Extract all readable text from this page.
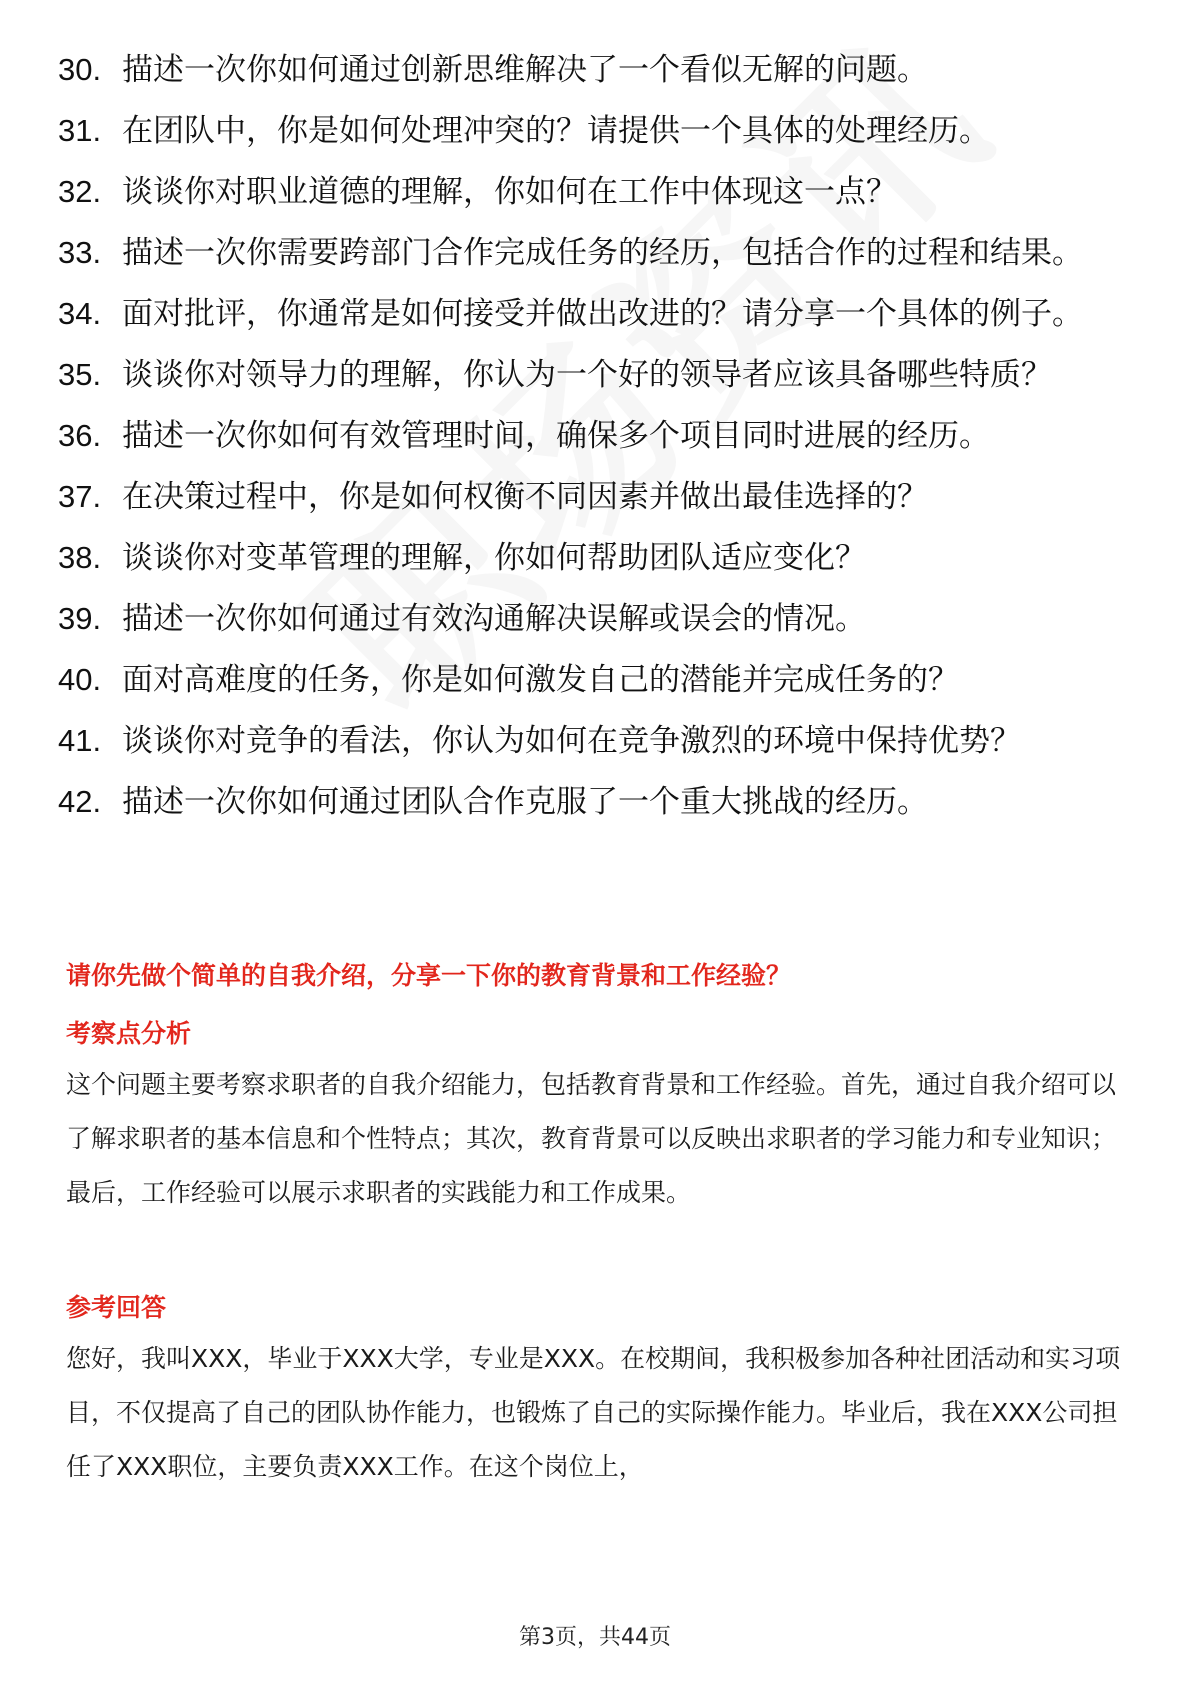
30. 描述一次你如何通过创新思维解决了一个看似无解的问题。
31. 在团队中，你是如何处理冲突的？请提供一个具体的处理经历。
32. 谈谈你对职业道德的理解，你如何在工作中体现这一点？
33. 描述一次你需要跨部门合作完成任务的经历，包括合作的过程和结果。
34. 面对批评，你通常是如何接受并做出改进的？请分享一个具体的例子。
35. 谈谈你对领导力的理解，你认为一个好的领导者应该具备哪些特质？
36. 描述一次你如何有效管理时间，确保多个项目同时进展的经历。
37. 在决策过程中，你是如何权衡不同因素并做出最佳选择的？
38. 谈谈你对变革管理的理解，你如何帮助团队适应变化？
39. 描述一次你如何通过有效沟通解决误解或误会的情况。
40. 面对高难度的任务，你是如何激发自己的潜能并完成任务的？
41. 谈谈你对竞争的看法，你认为如何在竞争激烈的环境中保持优势？
42. 描述一次你如何通过团队合作克服了一个重大挑战的经历。
请你先做个简单的自我介绍，分享一下你的教育背景和工作经验？
考察点分析

这个问题主要考察求职者的自我介绍能力，包括教育背景和工作经验。首先，通过自我介绍可以了解求职者的基本信息和个性特点；其次，教育背景可以反映出求职者的学习能力和专业知识；最后，工作经验可以展示求职者的实践能力和工作成果。

参考回答

您好，我叫XXX，毕业于XXX大学，专业是XXX。在校期间，我积极参加各种社团活动和实习项目，不仅提高了自己的团队协作能力，也锻炼了自己的实际操作能力。毕业后，我在XXX公司担任了XXX职位，主要负责XXX工作。在这个岗位上，

第3页，共44页
